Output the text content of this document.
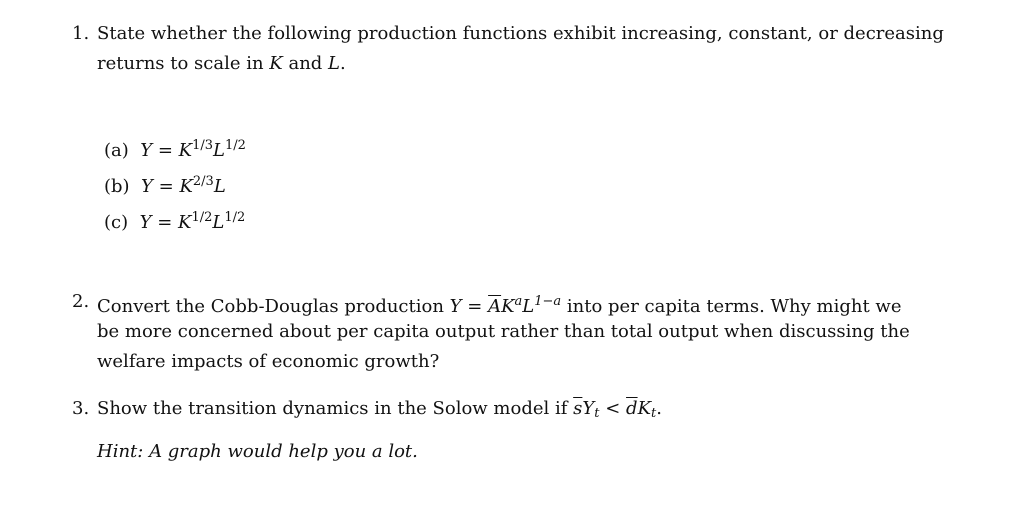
1. State whether the following production functions exhibit increasing, constant, or decreasing
returns to scale in K and L.
(a) $Y = K^{1/3}L^{1/2}$
(b) $Y = K^{2/3}L$
(c) $Y = K^{1/2}L^{1/2}$
2. Convert the Cobb-Douglas production $Y = \overline{A}K^aL^{1-a}$ into per capita terms. Why might we
be more concerned about per capita output rather than total output when discussing the
welfare impacts of economic growth?
3. Show the transition dynamics in the Solow model if $\overline{s}Yt < \overline{d}Kt$.
Hint: A graph would help you a lot.
